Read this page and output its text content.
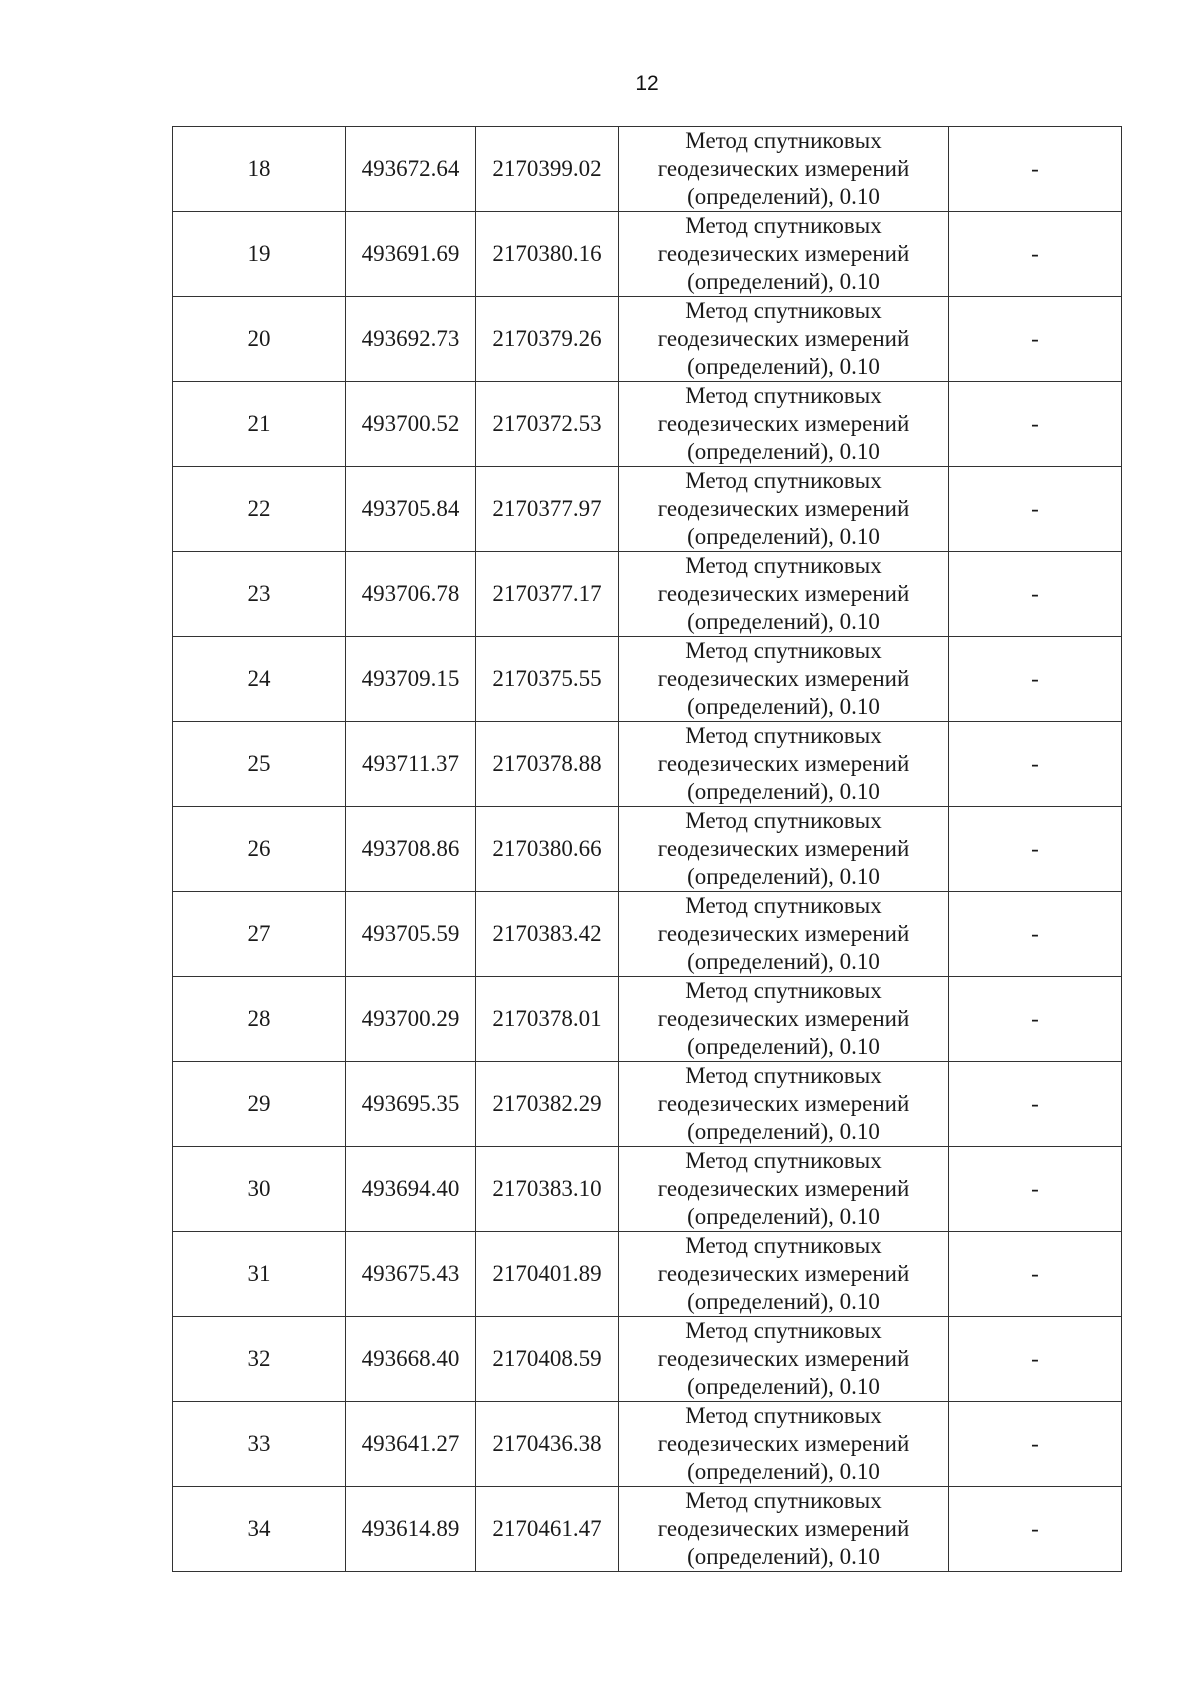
12
18	493672.64	2170399.02	Метод спутниковых
геодезических измерений
(определений), 0.10	-
19	493691.69	2170380.16	Метод спутниковых
геодезических измерений
(определений), 0.10	-
20	493692.73	2170379.26	Метод спутниковых
геодезических измерений
(определений), 0.10	-
21	493700.52	2170372.53	Метод спутниковых
геодезических измерений
(определений), 0.10	-
22	493705.84	2170377.97	Метод спутниковых
геодезических измерений
(определений), 0.10	-
23	493706.78	2170377.17	Метод спутниковых
геодезических измерений
(определений), 0.10	-
24	493709.15	2170375.55	Метод спутниковых
геодезических измерений
(определений), 0.10	-
25	493711.37	2170378.88	Метод спутниковых
геодезических измерений
(определений), 0.10	-
26	493708.86	2170380.66	Метод спутниковых
геодезических измерений
(определений), 0.10	-
27	493705.59	2170383.42	Метод спутниковых
геодезических измерений
(определений), 0.10	-
28	493700.29	2170378.01	Метод спутниковых
геодезических измерений
(определений), 0.10	-
29	493695.35	2170382.29	Метод спутниковых
геодезических измерений
(определений), 0.10	-
30	493694.40	2170383.10	Метод спутниковых
геодезических измерений
(определений), 0.10	-
31	493675.43	2170401.89	Метод спутниковых
геодезических измерений
(определений), 0.10	-
32	493668.40	2170408.59	Метод спутниковых
геодезических измерений
(определений), 0.10	-
33	493641.27	2170436.38	Метод спутниковых
геодезических измерений
(определений), 0.10	-
34	493614.89	2170461.47	Метод спутниковых
геодезических измерений
(определений), 0.10	-
